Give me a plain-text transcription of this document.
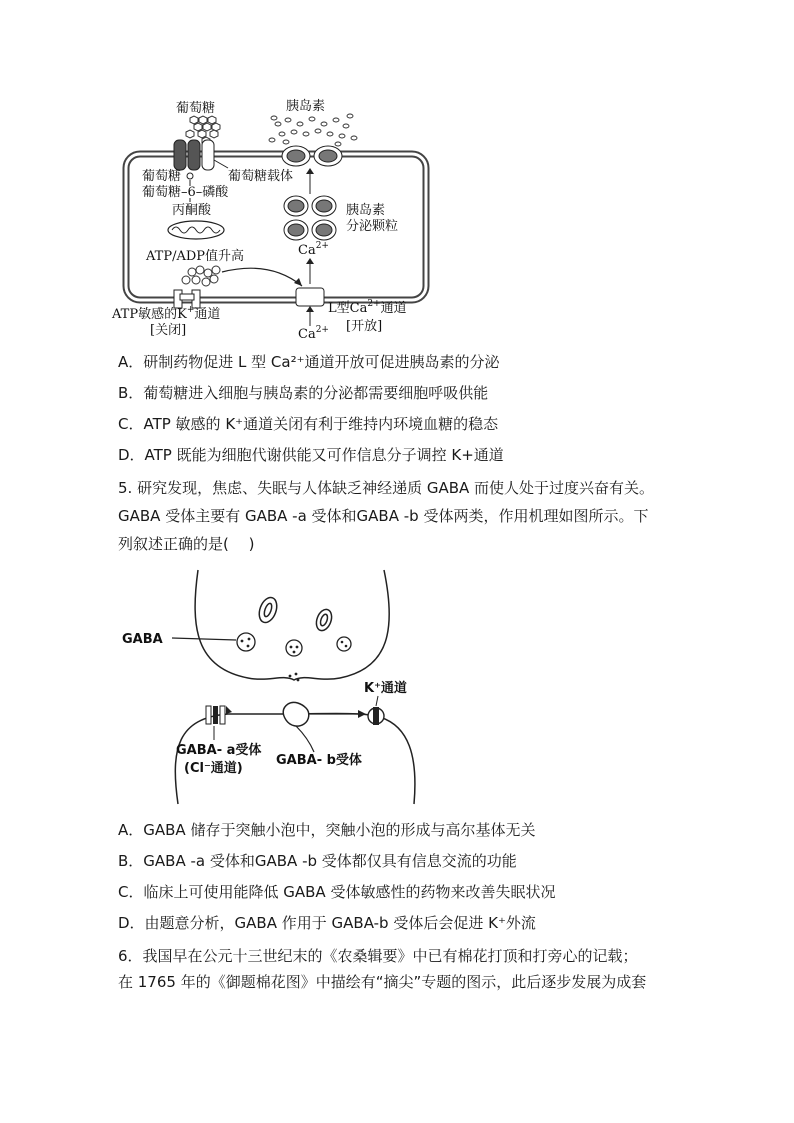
葡萄糖
葡萄糖载体
葡萄糖
葡萄糖–6–磷酸
丙酮酸
ATP/ADP值升高	$Ca^{2+}$
$Ca^{2+}$
胰岛素
胰岛素
分泌颗粒
ATP敏感的K+通道
[关闭]
L型$Ca^{2+}$通道
[开放]
A．研制药物促进 L 型 Ca²⁺通道开放可促进胰岛素的分泌
B．葡萄糖进入细胞与胰岛素的分泌都需要细胞呼吸供能
C．ATP 敏感的 K⁺通道关闭有利于维持内环境血糖的稳态
D．ATP 既能为细胞代谢供能又可作信息分子调控 K+通道
5. 研究发现，焦虑、失眠与人体缺乏神经递质 GABA 而使人处于过度兴奋有关。
GABA 受体主要有 GABA -a 受体和GABA -b 受体两类，作用机理如图所示。下
列叙述正确的是(　 )
GABA
K⁺通道
GABA- a受体
(Cl⁻通道)
GABA- b受体
A．GABA 储存于突触小泡中，突触小泡的形成与高尔基体无关
B．GABA -a 受体和GABA -b 受体都仅具有信息交流的功能
C．临床上可使用能降低 GABA 受体敏感性的药物来改善失眠状况
D．由题意分析，GABA 作用于 GABA-b 受体后会促进 K⁺外流
6．我国早在公元十三世纪末的《农桑辑要》中已有棉花打顶和打旁心的记载；
在 1765 年的《御题棉花图》中描绘有“摘尖”专题的图示，此后逐步发展为成套
